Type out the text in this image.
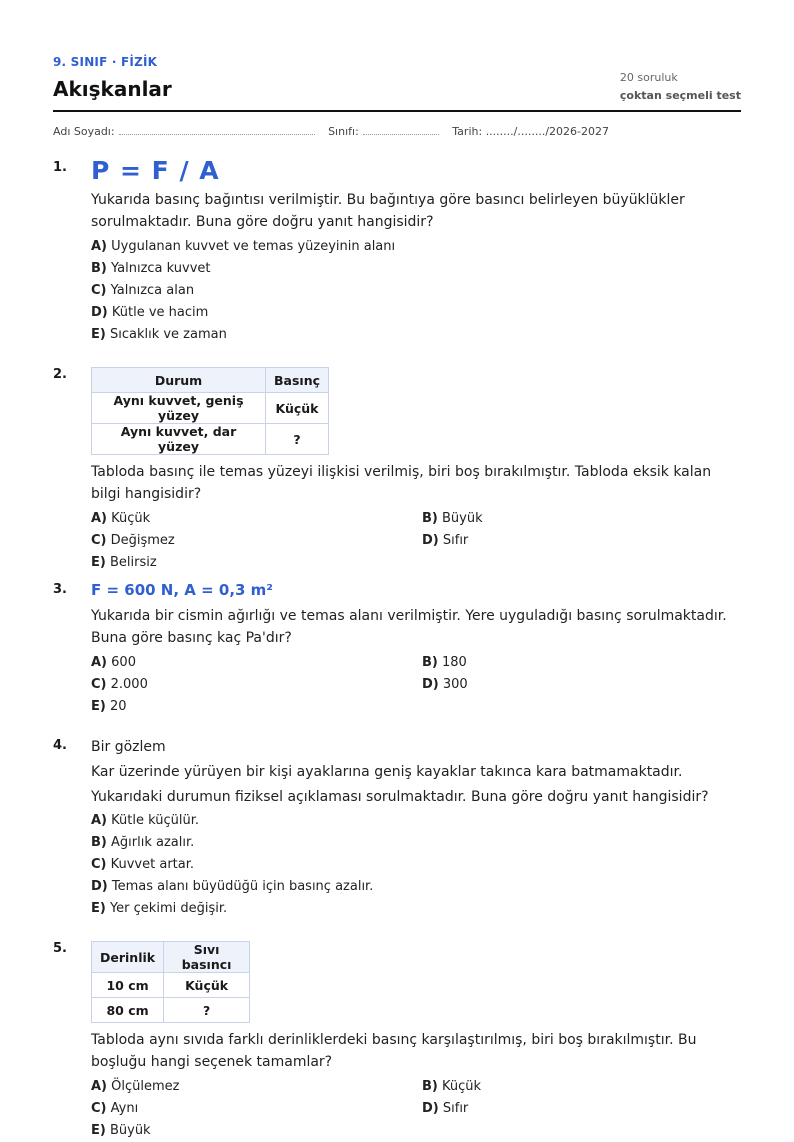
9. SINIF · FİZİK
Akışkanlar	20 soruluk
çoktan seçmeli test
Adı Soyadı:	Sınıfı:	Tarih: ......../......../2026-2027
1. P = F / A
Yukarıda basınç bağıntısı verilmiştir. Bu bağıntıya göre basıncı belirleyen büyüklükler sorulmaktadır. Buna göre doğru yanıt hangisidir?
A) Uygulanan kuvvet ve temas yüzeyinin alanı
B) Yalnızca kuvvet
C) Yalnızca alan
D) Kütle ve hacim
E) Sıcaklık ve zaman
2.	Durum	Basınç
Aynı kuvvet, geniş yüzey	Küçük
Aynı kuvvet, dar yüzey	?
Tabloda basınç ile temas yüzeyi ilişkisi verilmiş, biri boş bırakılmıştır. Tabloda eksik kalan bilgi hangisidir?
A) Küçük	B) Büyük
C) Değişmez	D) Sıfır
E) Belirsiz
3. F = 600 N, A = 0,3 m²
Yukarıda bir cismin ağırlığı ve temas alanı verilmiştir. Yere uyguladığı basınç sorulmaktadır. Buna göre basınç kaç Pa'dır?
A) 600	B) 180
C) 2.000	D) 300
E) 20
4. Bir gözlem
Kar üzerinde yürüyen bir kişi ayaklarına geniş kayaklar takınca kara batmamaktadır.
Yukarıdaki durumun fiziksel açıklaması sorulmaktadır. Buna göre doğru yanıt hangisidir?
A) Kütle küçülür.
B) Ağırlık azalır.
C) Kuvvet artar.
D) Temas alanı büyüdüğü için basınç azalır.
E) Yer çekimi değişir.
5.
Derinlik	Sıvı basıncı
10 cm	Küçük
80 cm	?
Tabloda aynı sıvıda farklı derinliklerdeki basınç karşılaştırılmış, biri boş bırakılmıştır. Bu boşluğu hangi seçenek tamamlar?
A) Ölçülemez	B) Küçük
C) Aynı	D) Sıfır
E) Büyük
